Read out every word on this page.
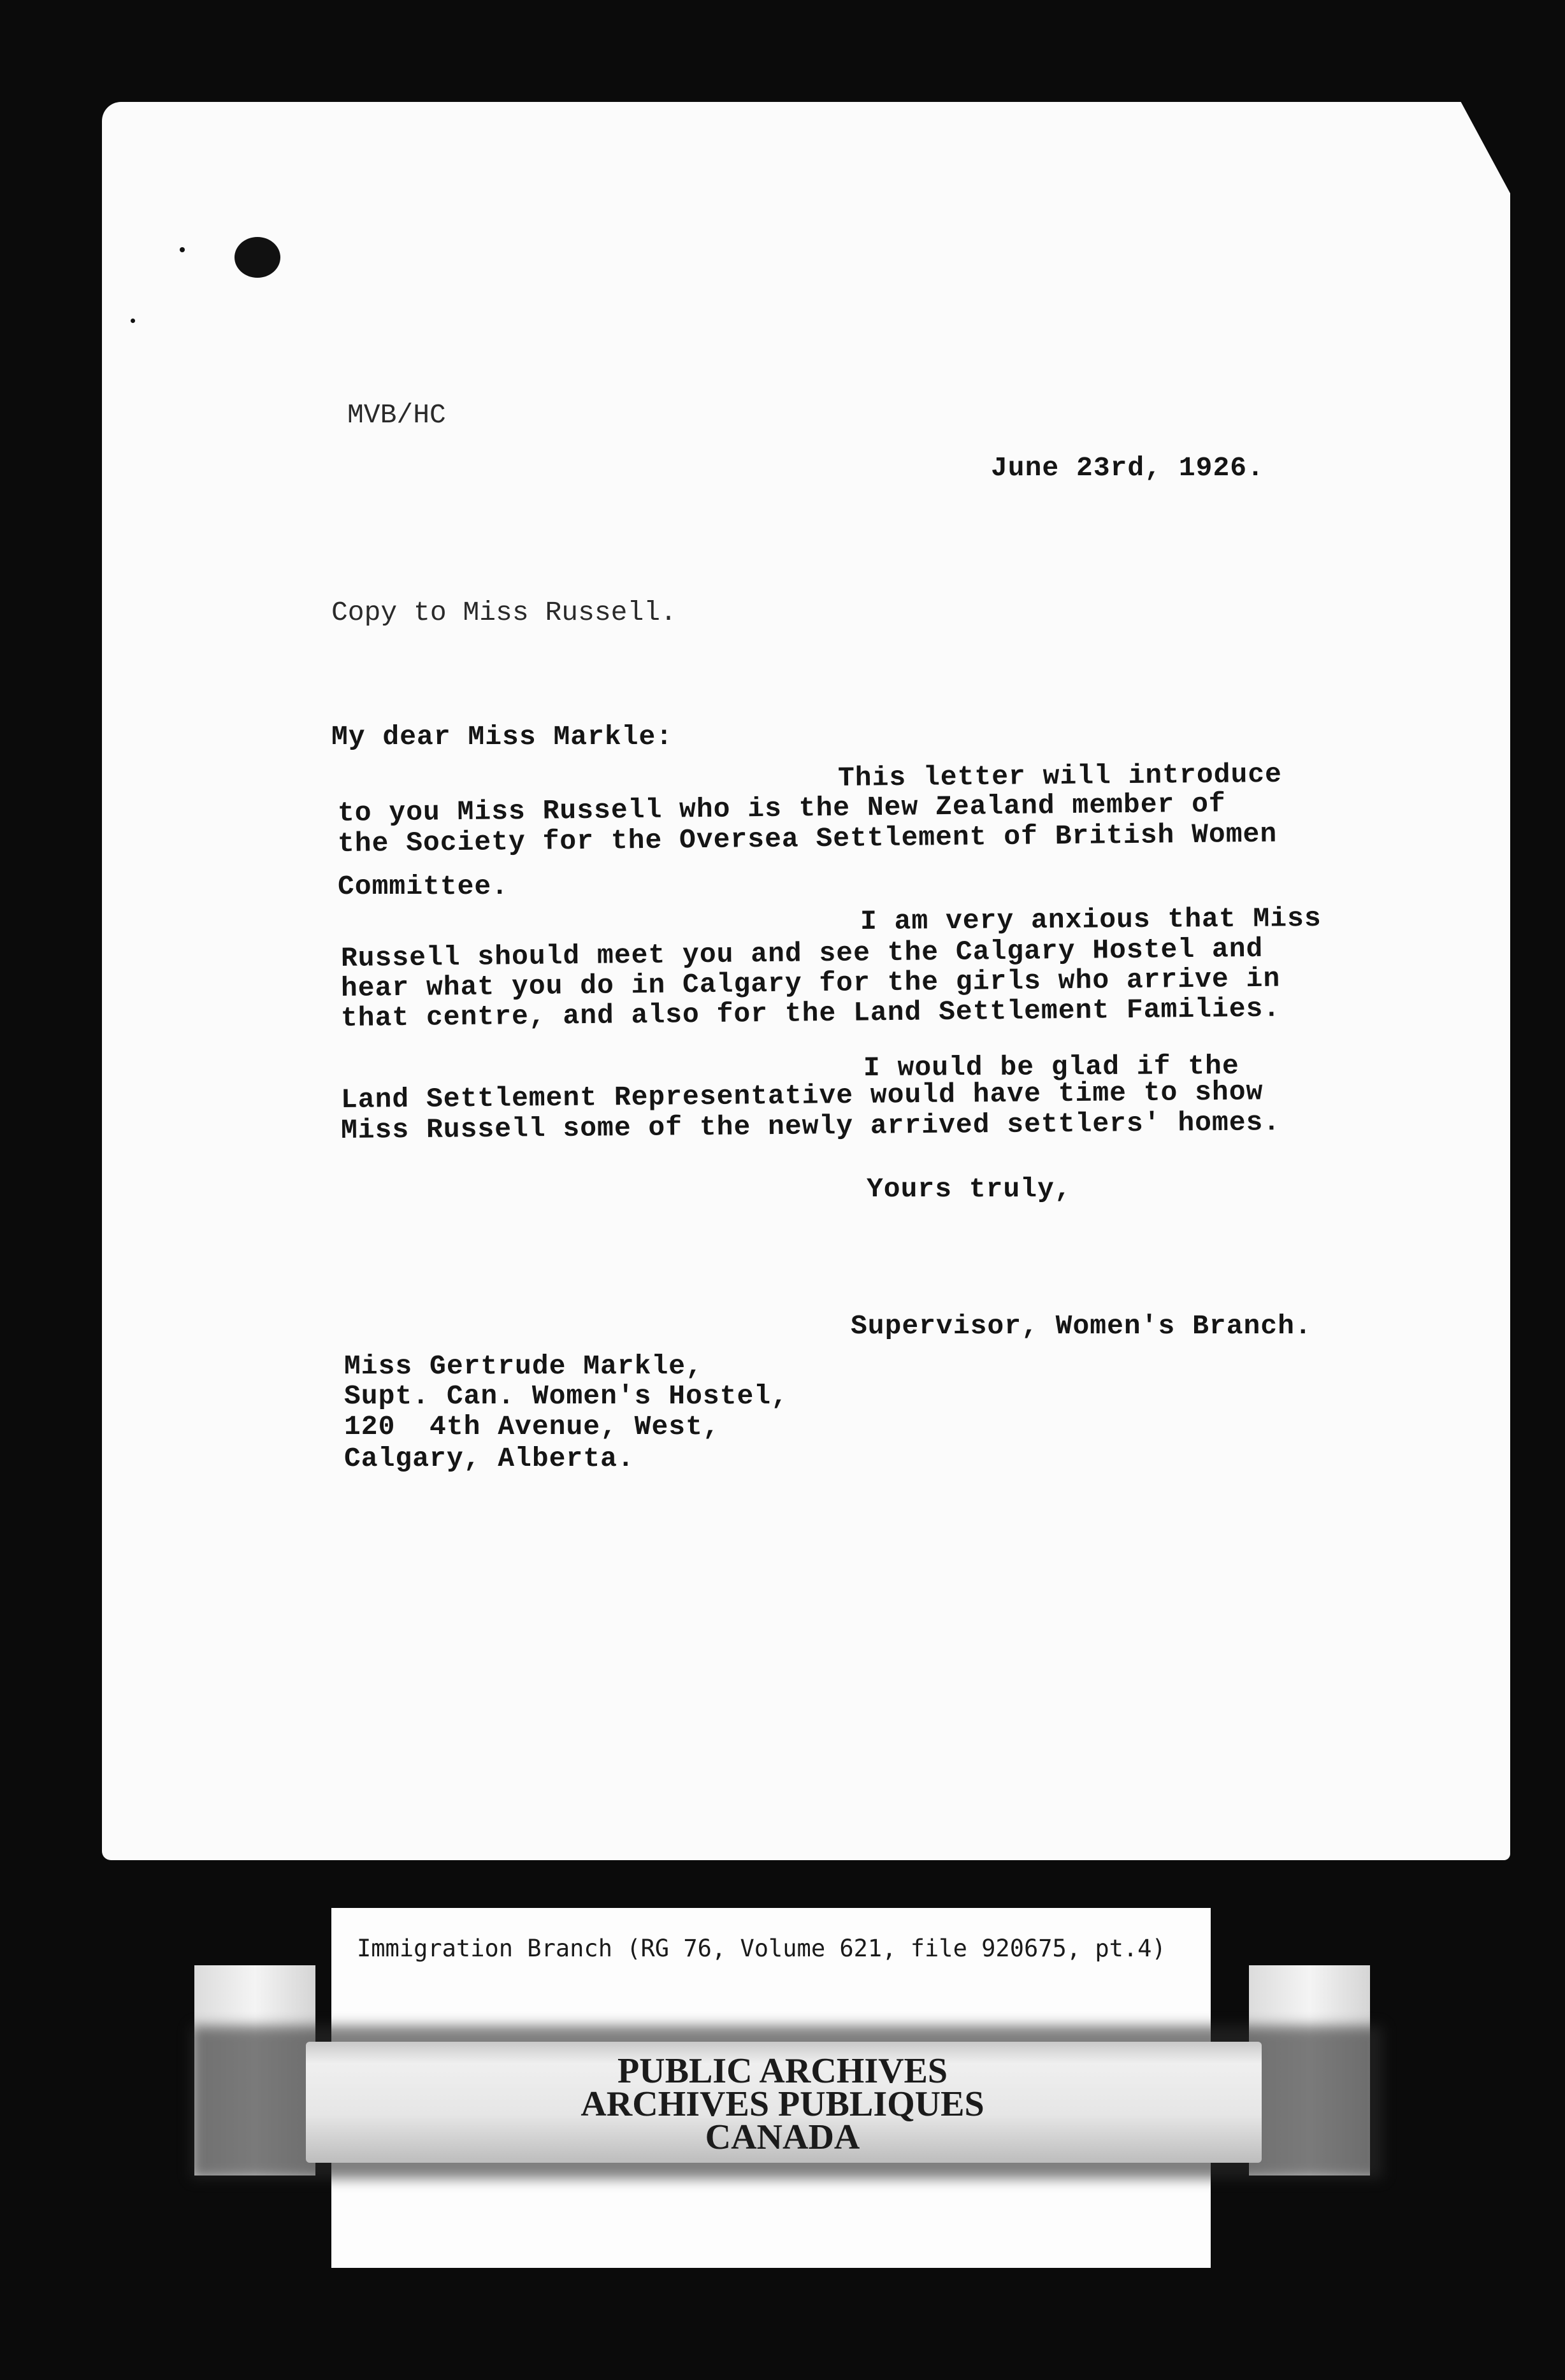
MVB/HC
June 23rd, 1926.
Copy to Miss Russell.
My dear Miss Markle:
This letter will introduce
to you Miss Russell who is the New Zealand member of
the Society for the Oversea Settlement of British Women
Committee.
I am very anxious that Miss
Russell should meet you and see the Calgary Hostel and
hear what you do in Calgary for the girls who arrive in
that centre, and also for the Land Settlement Families.
I would be glad if the
Land Settlement Representative would have time to show
Miss Russell some of the newly arrived settlers' homes.
Yours truly,
Supervisor, Women's Branch.
Miss Gertrude Markle,
Supt. Can. Women's Hostel,
120  4th Avenue, West,
Calgary, Alberta.
Immigration Branch (RG 76, Volume 621, file 920675, pt.4)
PUBLIC ARCHIVES
ARCHIVES PUBLIQUES
CANADA
